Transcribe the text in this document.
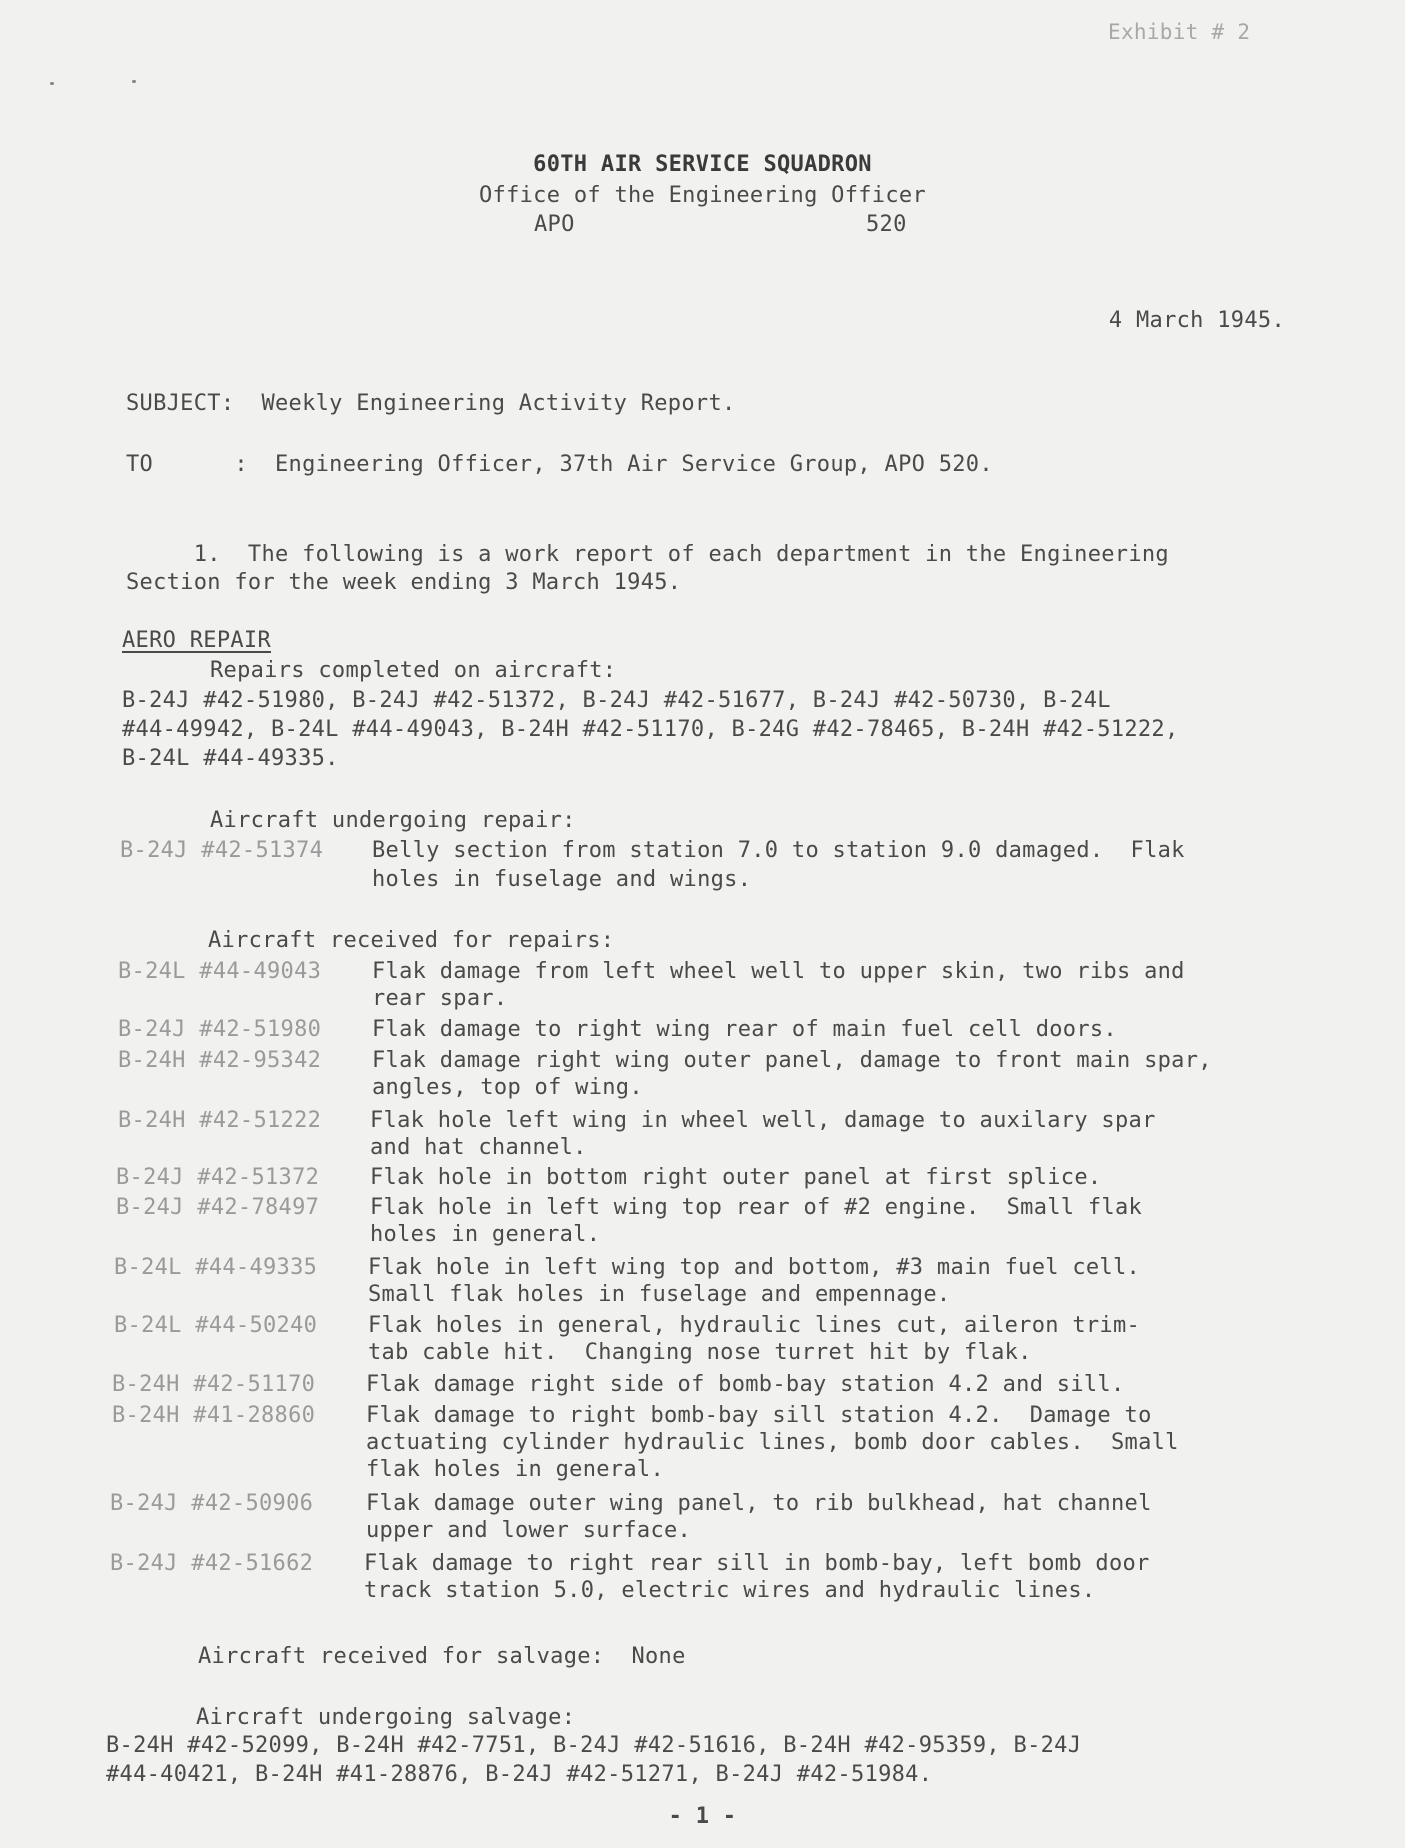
Exhibit # 2
60TH AIR SERVICE SQUADRON
Office of the Engineering Officer
APO	520
4 March 1945.
SUBJECT:  Weekly Engineering Activity Report.
TO      :  Engineering Officer, 37th Air Service Group, APO 520.
1.  The following is a work report of each department in the Engineering
Section for the week ending 3 March 1945.
AERO REPAIR
Repairs completed on aircraft:
B-24J #42-51980, B-24J #42-51372, B-24J #42-51677, B-24J #42-50730, B-24L
#44-49942, B-24L #44-49043, B-24H #42-51170, B-24G #42-78465, B-24H #42-51222,
B-24L #44-49335.
Aircraft undergoing repair:
B-24J #42-51374 Belly section from station 7.0 to station 9.0 damaged.  Flak
holes in fuselage and wings.
Aircraft received for repairs:
B-24L #44-49043 Flak damage from left wheel well to upper skin, two ribs and
rear spar.
B-24J #42-51980 Flak damage to right wing rear of main fuel cell doors.
B-24H #42-95342 Flak damage right wing outer panel, damage to front main spar,
angles, top of wing.
B-24H #42-51222 Flak hole left wing in wheel well, damage to auxilary spar
and hat channel.
B-24J #42-51372 Flak hole in bottom right outer panel at first splice.
B-24J #42-78497 Flak hole in left wing top rear of #2 engine.  Small flak
holes in general.
B-24L #44-49335 Flak hole in left wing top and bottom, #3 main fuel cell.
Small flak holes in fuselage and empennage.
B-24L #44-50240 Flak holes in general, hydraulic lines cut, aileron trim-
tab cable hit.  Changing nose turret hit by flak.
B-24H #42-51170 Flak damage right side of bomb-bay station 4.2 and sill.
B-24H #41-28860 Flak damage to right bomb-bay sill station 4.2.  Damage to
actuating cylinder hydraulic lines, bomb door cables.  Small
flak holes in general.
B-24J #42-50906 Flak damage outer wing panel, to rib bulkhead, hat channel
upper and lower surface.
B-24J #42-51662 Flak damage to right rear sill in bomb-bay, left bomb door
track station 5.0, electric wires and hydraulic lines.
Aircraft received for salvage:  None
Aircraft undergoing salvage:
B-24H #42-52099, B-24H #42-7751, B-24J #42-51616, B-24H #42-95359, B-24J
#44-40421, B-24H #41-28876, B-24J #42-51271, B-24J #42-51984.
- 1 -
